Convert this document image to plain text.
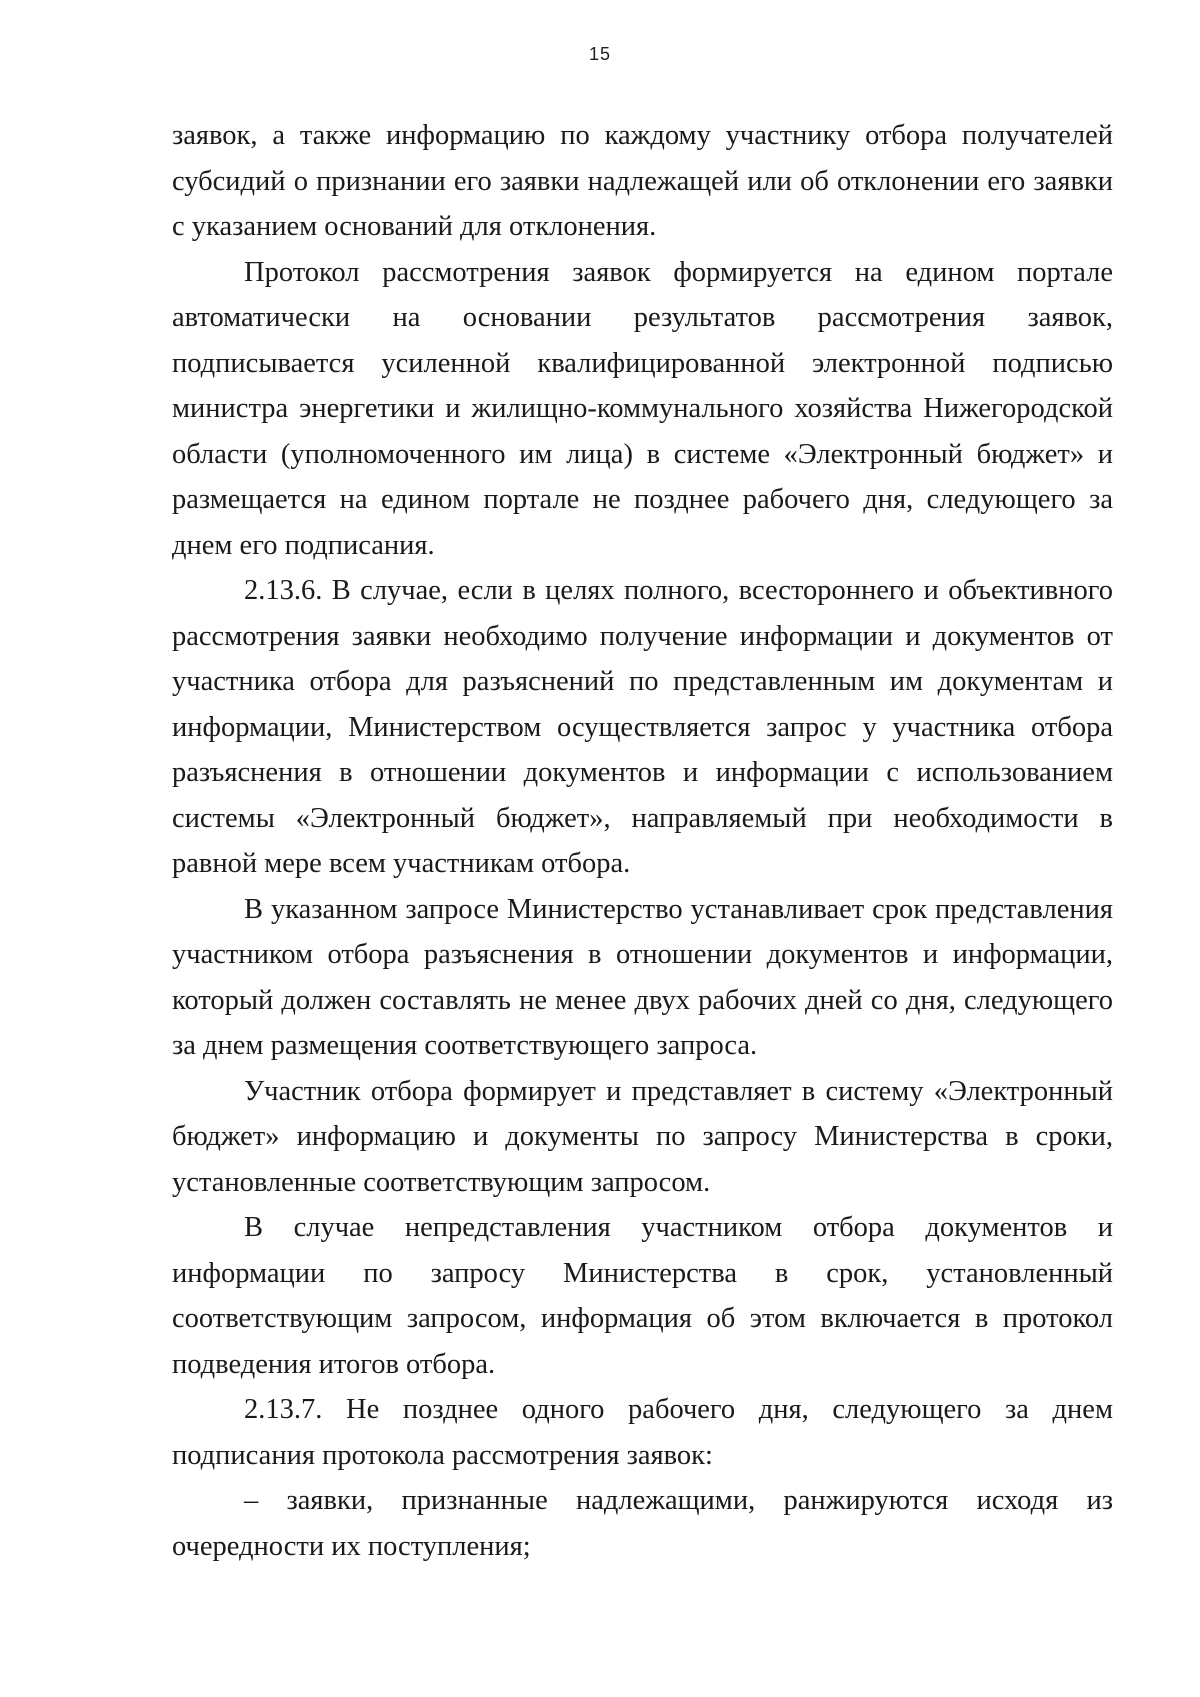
15

заявок, а также информацию по каждому участнику отбора получателей субсидий о признании его заявки надлежащей или об отклонении его заявки с указанием оснований для отклонения.

Протокол рассмотрения заявок формируется на едином портале автоматически на основании результатов рассмотрения заявок, подписывается усиленной квалифицированной электронной подписью министра энергетики и жилищно-коммунального хозяйства Нижегородской области (уполномоченного им лица) в системе «Электронный бюджет» и размещается на едином портале не позднее рабочего дня, следующего за днем его подписания.

2.13.6. В случае, если в целях полного, всестороннего и объективного рассмотрения заявки необходимо получение информации и документов от участника отбора для разъяснений по представленным им документам и информации, Министерством осуществляется запрос у участника отбора разъяснения в отношении документов и информации с использованием системы «Электронный бюджет», направляемый при необходимости в равной мере всем участникам отбора.

В указанном запросе Министерство устанавливает срок представления участником отбора разъяснения в отношении документов и информации, который должен составлять не менее двух рабочих дней со дня, следующего за днем размещения соответствующего запроса.

Участник отбора формирует и представляет в систему «Электронный бюджет» информацию и документы по запросу Министерства в сроки, установленные соответствующим запросом.

В случае непредставления участником отбора документов и информации по запросу Министерства в срок, установленный соответствующим запросом, информация об этом включается в протокол подведения итогов отбора.

2.13.7. Не позднее одного рабочего дня, следующего за днем подписания протокола рассмотрения заявок:

– заявки, признанные надлежащими, ранжируются исходя из очередности их поступления;
